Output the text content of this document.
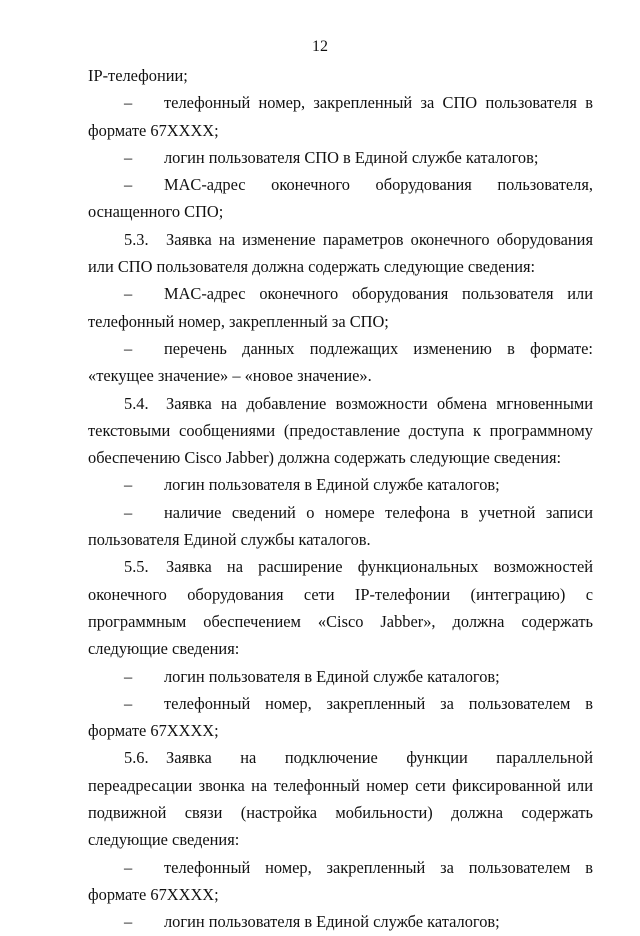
12

IP-телефонии;

– телефонный номер, закрепленный за СПО пользователя в формате 67ХХХХ;

– логин пользователя СПО в Единой службе каталогов;

– MAC-адрес оконечного оборудования пользователя, оснащенного СПО;

5.3. Заявка на изменение параметров оконечного оборудования или СПО пользователя должна содержать следующие сведения:

– MAC-адрес оконечного оборудования пользователя или телефонный номер, закрепленный за СПО;

– перечень данных подлежащих изменению в формате: «текущее значение» – «новое значение».

5.4. Заявка на добавление возможности обмена мгновенными текстовыми сообщениями (предоставление доступа к программному обеспечению Cisco Jabber) должна содержать следующие сведения:

– логин пользователя в Единой службе каталогов;

– наличие сведений о номере телефона в учетной записи пользователя Единой службы каталогов.

5.5. Заявка на расширение функциональных возможностей оконечного оборудования сети IP-телефонии (интеграцию) с программным обеспечением «Cisco Jabber», должна содержать следующие сведения:

– логин пользователя в Единой службе каталогов;

– телефонный номер, закрепленный за пользователем в формате 67ХХХХ;

5.6. Заявка на подключение функции параллельной переадресации звонка на телефонный номер сети фиксированной или подвижной связи (настройка мобильности) должна содержать следующие сведения:

– телефонный номер, закрепленный за пользователем в формате 67ХХХХ;

– логин пользователя в Единой службе каталогов;
